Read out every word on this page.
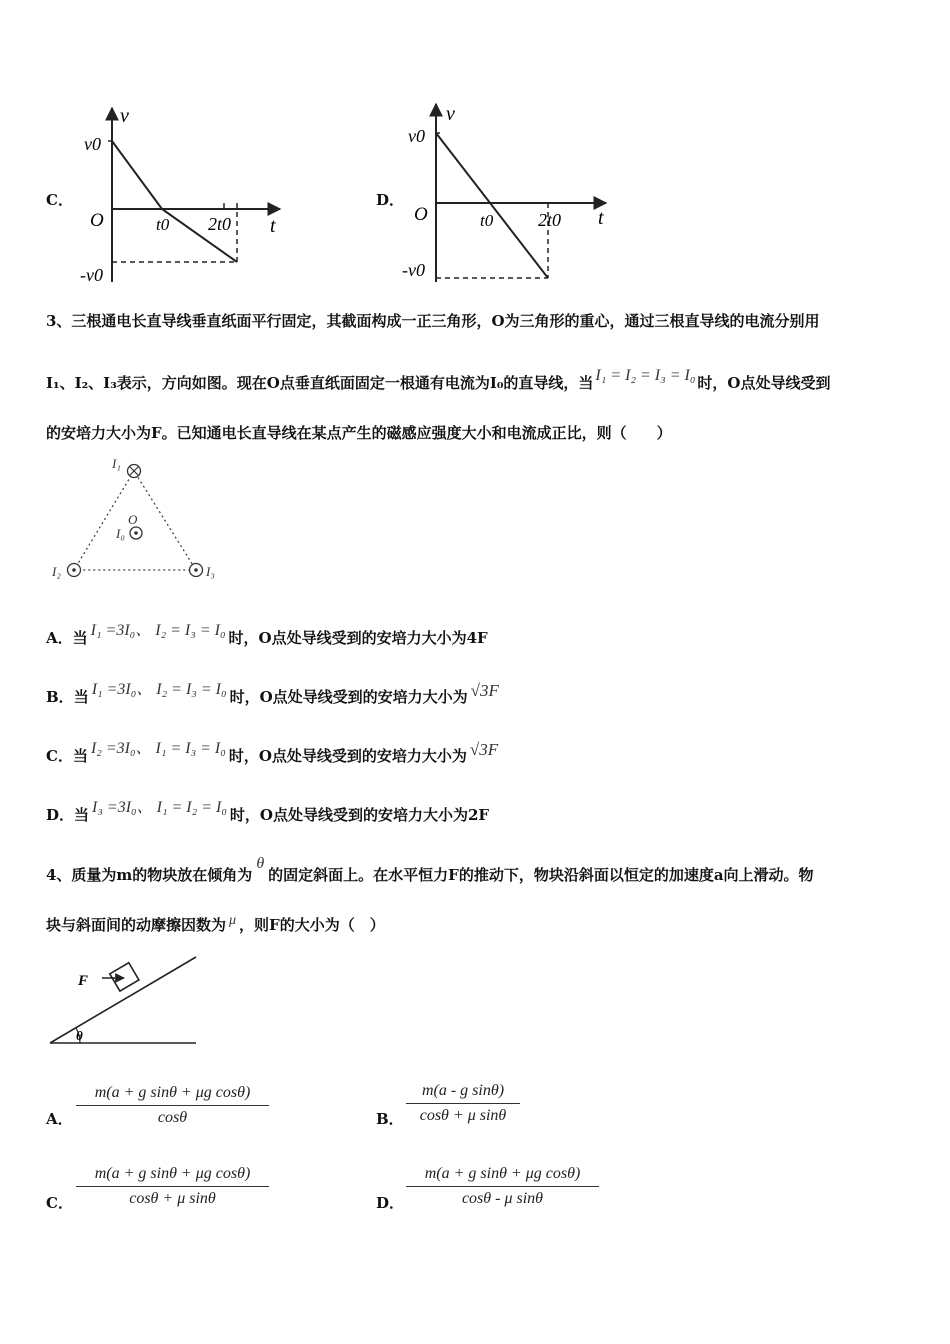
C．
v
v0
O	t0 2t0 t
-v0
D．
v
v0
O	t0 2t0 t
-v0
3、三根通电长直导线垂直纸面平行固定，其截面构成一正三角形，O为三角形的重心，通过三根直导线的电流分别用
I₁、I₂、I₃表示，方向如图。现在O点垂直纸面固定一根通有电流为I₀的直导线，当 I₁ = I₂ = I₃ = I₀ 时，O点处导线受到
的安培力大小为F。已知通电长直导线在某点产生的磁感应强度大小和电流成正比，则（　　）
I₁
O
I₀
I₂	I₃
A．当 I₁ =3I₀、 I₂ = I₃ = I₀ 时，O点处导线受到的安培力大小为4F
B．当 I₁ =3I₀、 I₂ = I₃ = I₀ 时，O点处导线受到的安培力大小为 √3F
C．当 I₂ =3I₀、 I₁ = I₃ = I₀ 时，O点处导线受到的安培力大小为 √3F
D．当 I₃ =3I₀、 I₁ = I₂ = I₀ 时，O点处导线受到的安培力大小为2F
4、质量为m的物块放在倾角为θ的固定斜面上。在水平恒力F的推动下，物块沿斜面以恒定的加速度a向上滑动。物
块与斜面间的动摩擦因数为 μ ，则F的大小为（　）
F
θ
A． $\frac{\text{m(a + g sinθ + μg cosθ)}}{\cos\theta}$	B． $\frac{\text{m(a - g sinθ)}}{\text{cosθ + μ sinθ}}$
C． $\frac{\text{m(a + g sinθ + μg cosθ)}}{\text{cosθ + μ sinθ}}$	D． $\frac{\text{m(a + g sinθ + μg cosθ)}}{\text{cosθ - μ sinθ}}$
